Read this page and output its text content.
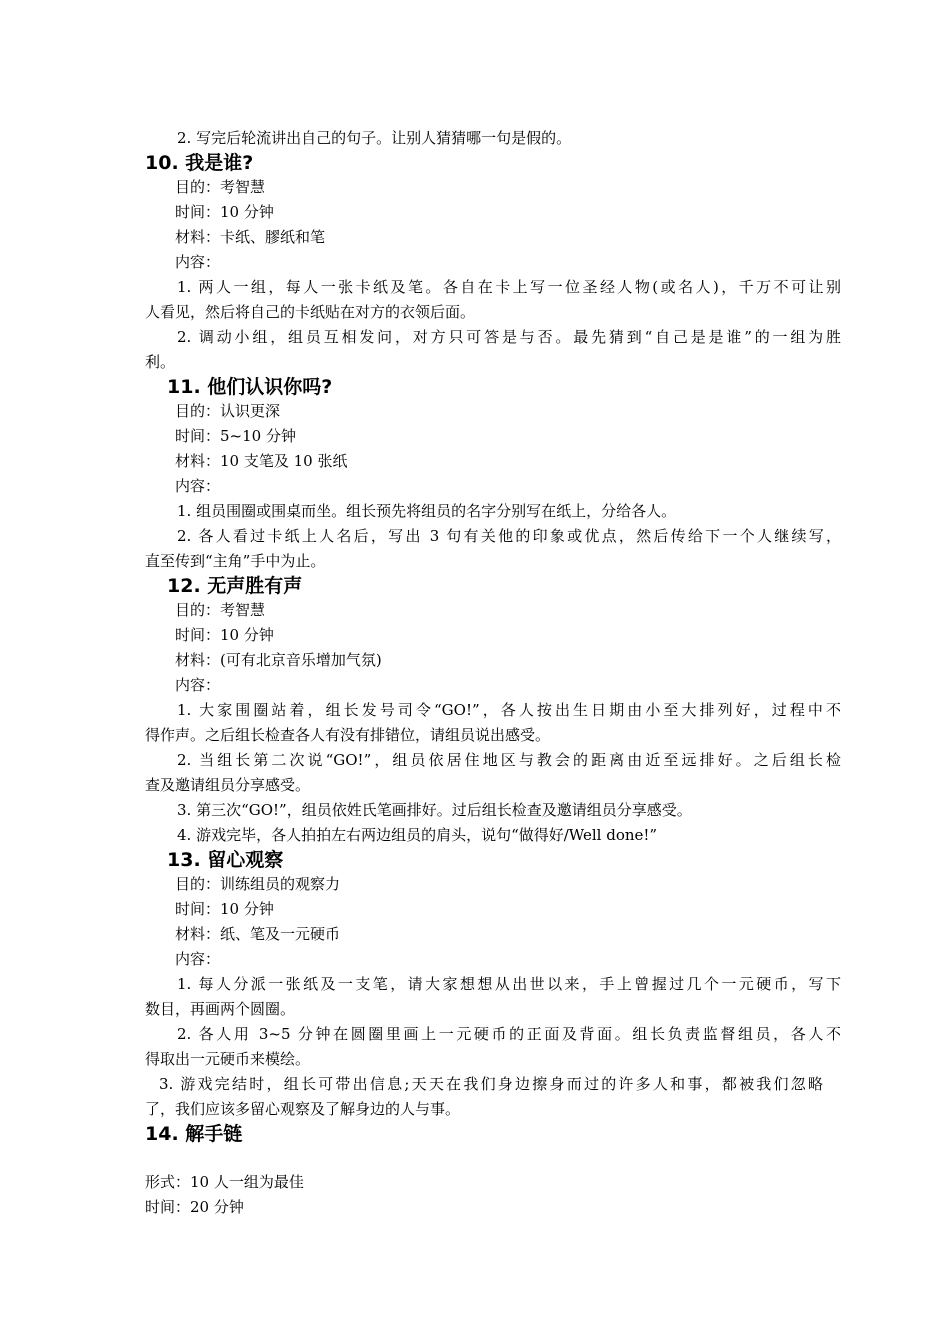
2. 写完后轮流讲出自己的句子。让别人猜猜哪一句是假的。
10. 我是谁?
目的：考智慧
时间：10 分钟
材料：卡纸、膠纸和笔
内容：
1. 两人一组，每人一张卡纸及笔。各自在卡上写一位圣经人物(或名人)，千万不可让别
人看见，然后将自己的卡纸贴在对方的衣领后面。
2. 调动小组，组员互相发问，对方只可答是与否。最先猜到“自己是是谁”的一组为胜
利。
11. 他们认识你吗?
目的：认识更深
时间：5~10 分钟
材料：10 支笔及 10 张纸
内容：
1. 组员围圈或围桌而坐。组长预先将组员的名字分别写在纸上，分给各人。
2. 各人看过卡纸上人名后，写出 3 句有关他的印象或优点，然后传给下一个人继续写，
直至传到“主角”手中为止。
12. 无声胜有声
目的：考智慧
时间：10 分钟
材料：(可有北京音乐增加气氛)
内容：
1. 大家围圈站着，组长发号司令“GO!”，各人按出生日期由小至大排列好，过程中不
得作声。之后组长检查各人有没有排错位，请组员说出感受。
2. 当组长第二次说“GO!”，组员依居住地区与教会的距离由近至远排好。之后组长检
查及邀请组员分享感受。
3. 第三次“GO!”，组员依姓氏笔画排好。过后组长检查及邀请组员分享感受。
4. 游戏完毕，各人拍拍左右两边组员的肩头，说句“做得好/Well done!”
13. 留心观察
目的：训练组员的观察力
时间：10 分钟
材料：纸、笔及一元硬币
内容：
1. 每人分派一张纸及一支笔，请大家想想从出世以来，手上曾握过几个一元硬币，写下
数目，再画两个圆圈。
2. 各人用 3~5 分钟在圆圈里画上一元硬币的正面及背面。组长负责监督组员，各人不
得取出一元硬币来模绘。
3. 游戏完结时，组长可带出信息;天天在我们身边擦身而过的许多人和事，都被我们忽略
了，我们应该多留心观察及了解身边的人与事。
14. 解手链
形式：10 人一组为最佳
时间：20 分钟
